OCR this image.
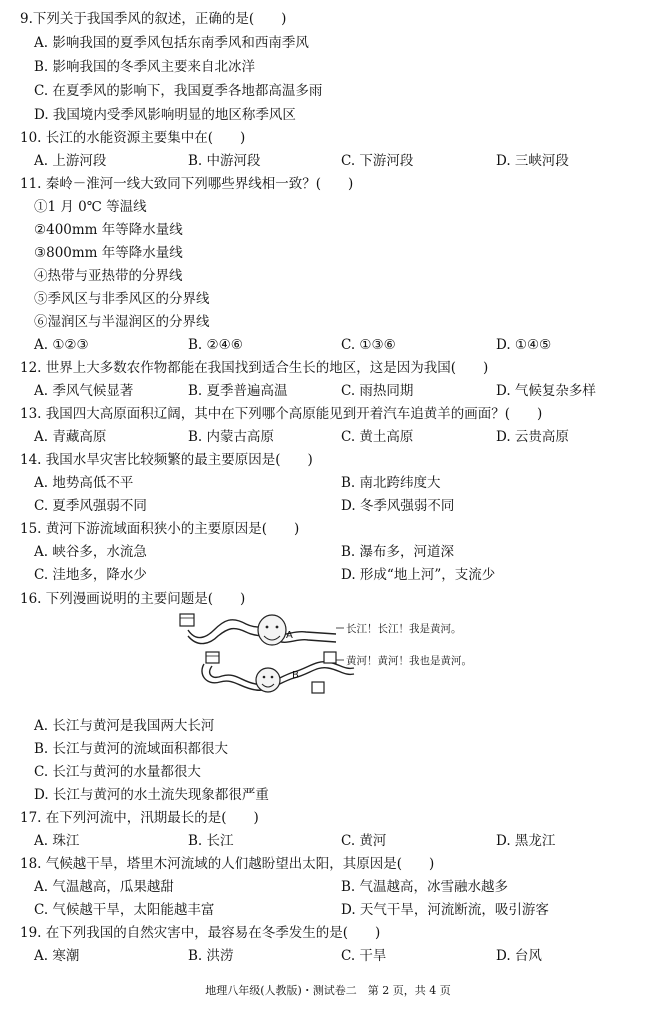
9.下列关于我国季风的叙述，正确的是(　　)
A. 影响我国的夏季风包括东南季风和西南季风
B. 影响我国的冬季风主要来自北冰洋
C. 在夏季风的影响下，我国夏季各地都高温多雨
D. 我国境内受季风影响明显的地区称季风区
10. 长江的水能资源主要集中在(　　)
A. 上游河段	B. 中游河段	C. 下游河段	D. 三峡河段
11. 秦岭－淮河一线大致同下列哪些界线相一致？(　　)
①1 月 0℃ 等温线
②400mm 年等降水量线
③800mm 年等降水量线
④热带与亚热带的分界线
⑤季风区与非季风区的分界线
⑥湿润区与半湿润区的分界线
A. ①②③	B. ②④⑥	C. ①③⑥	D. ①④⑤
12. 世界上大多数农作物都能在我国找到适合生长的地区，这是因为我国(　　)
A. 季风气候显著	B. 夏季普遍高温	C. 雨热同期	D. 气候复杂多样
13. 我国四大高原面积辽阔，其中在下列哪个高原能见到开着汽车追黄羊的画面？(　　)
A. 青藏高原	B. 内蒙古高原	C. 黄土高原	D. 云贵高原
14. 我国水旱灾害比较频繁的最主要原因是(　　)
A. 地势高低不平	B. 南北跨纬度大
C. 夏季风强弱不同	D. 冬季风强弱不同
15. 黄河下游流域面积狭小的主要原因是(　　)
A. 峡谷多，水流急	B. 瀑布多，河道深
C. 洼地多，降水少	D. 形成“地上河”，支流少
16. 下列漫画说明的主要问题是(　　)
A
B
长江！长江！我是黄河。
黄河！黄河！我也是黄河。
A. 长江与黄河是我国两大长河
B. 长江与黄河的流域面积都很大
C. 长江与黄河的水量都很大
D. 长江与黄河的水土流失现象都很严重
17. 在下列河流中，汛期最长的是(　　)
A. 珠江	B. 长江	C. 黄河	D. 黑龙江
18. 气候越干旱，塔里木河流域的人们越盼望出太阳，其原因是(　　)
A. 气温越高，瓜果越甜	B. 气温越高，冰雪融水越多
C. 气候越干旱，太阳能越丰富	D. 天气干旱，河流断流，吸引游客
19. 在下列我国的自然灾害中，最容易在冬季发生的是(　　)
A. 寒潮	B. 洪涝	C. 干旱	D. 台风
地理八年级(人教版)・测试卷二　第 2 页，共 4 页
